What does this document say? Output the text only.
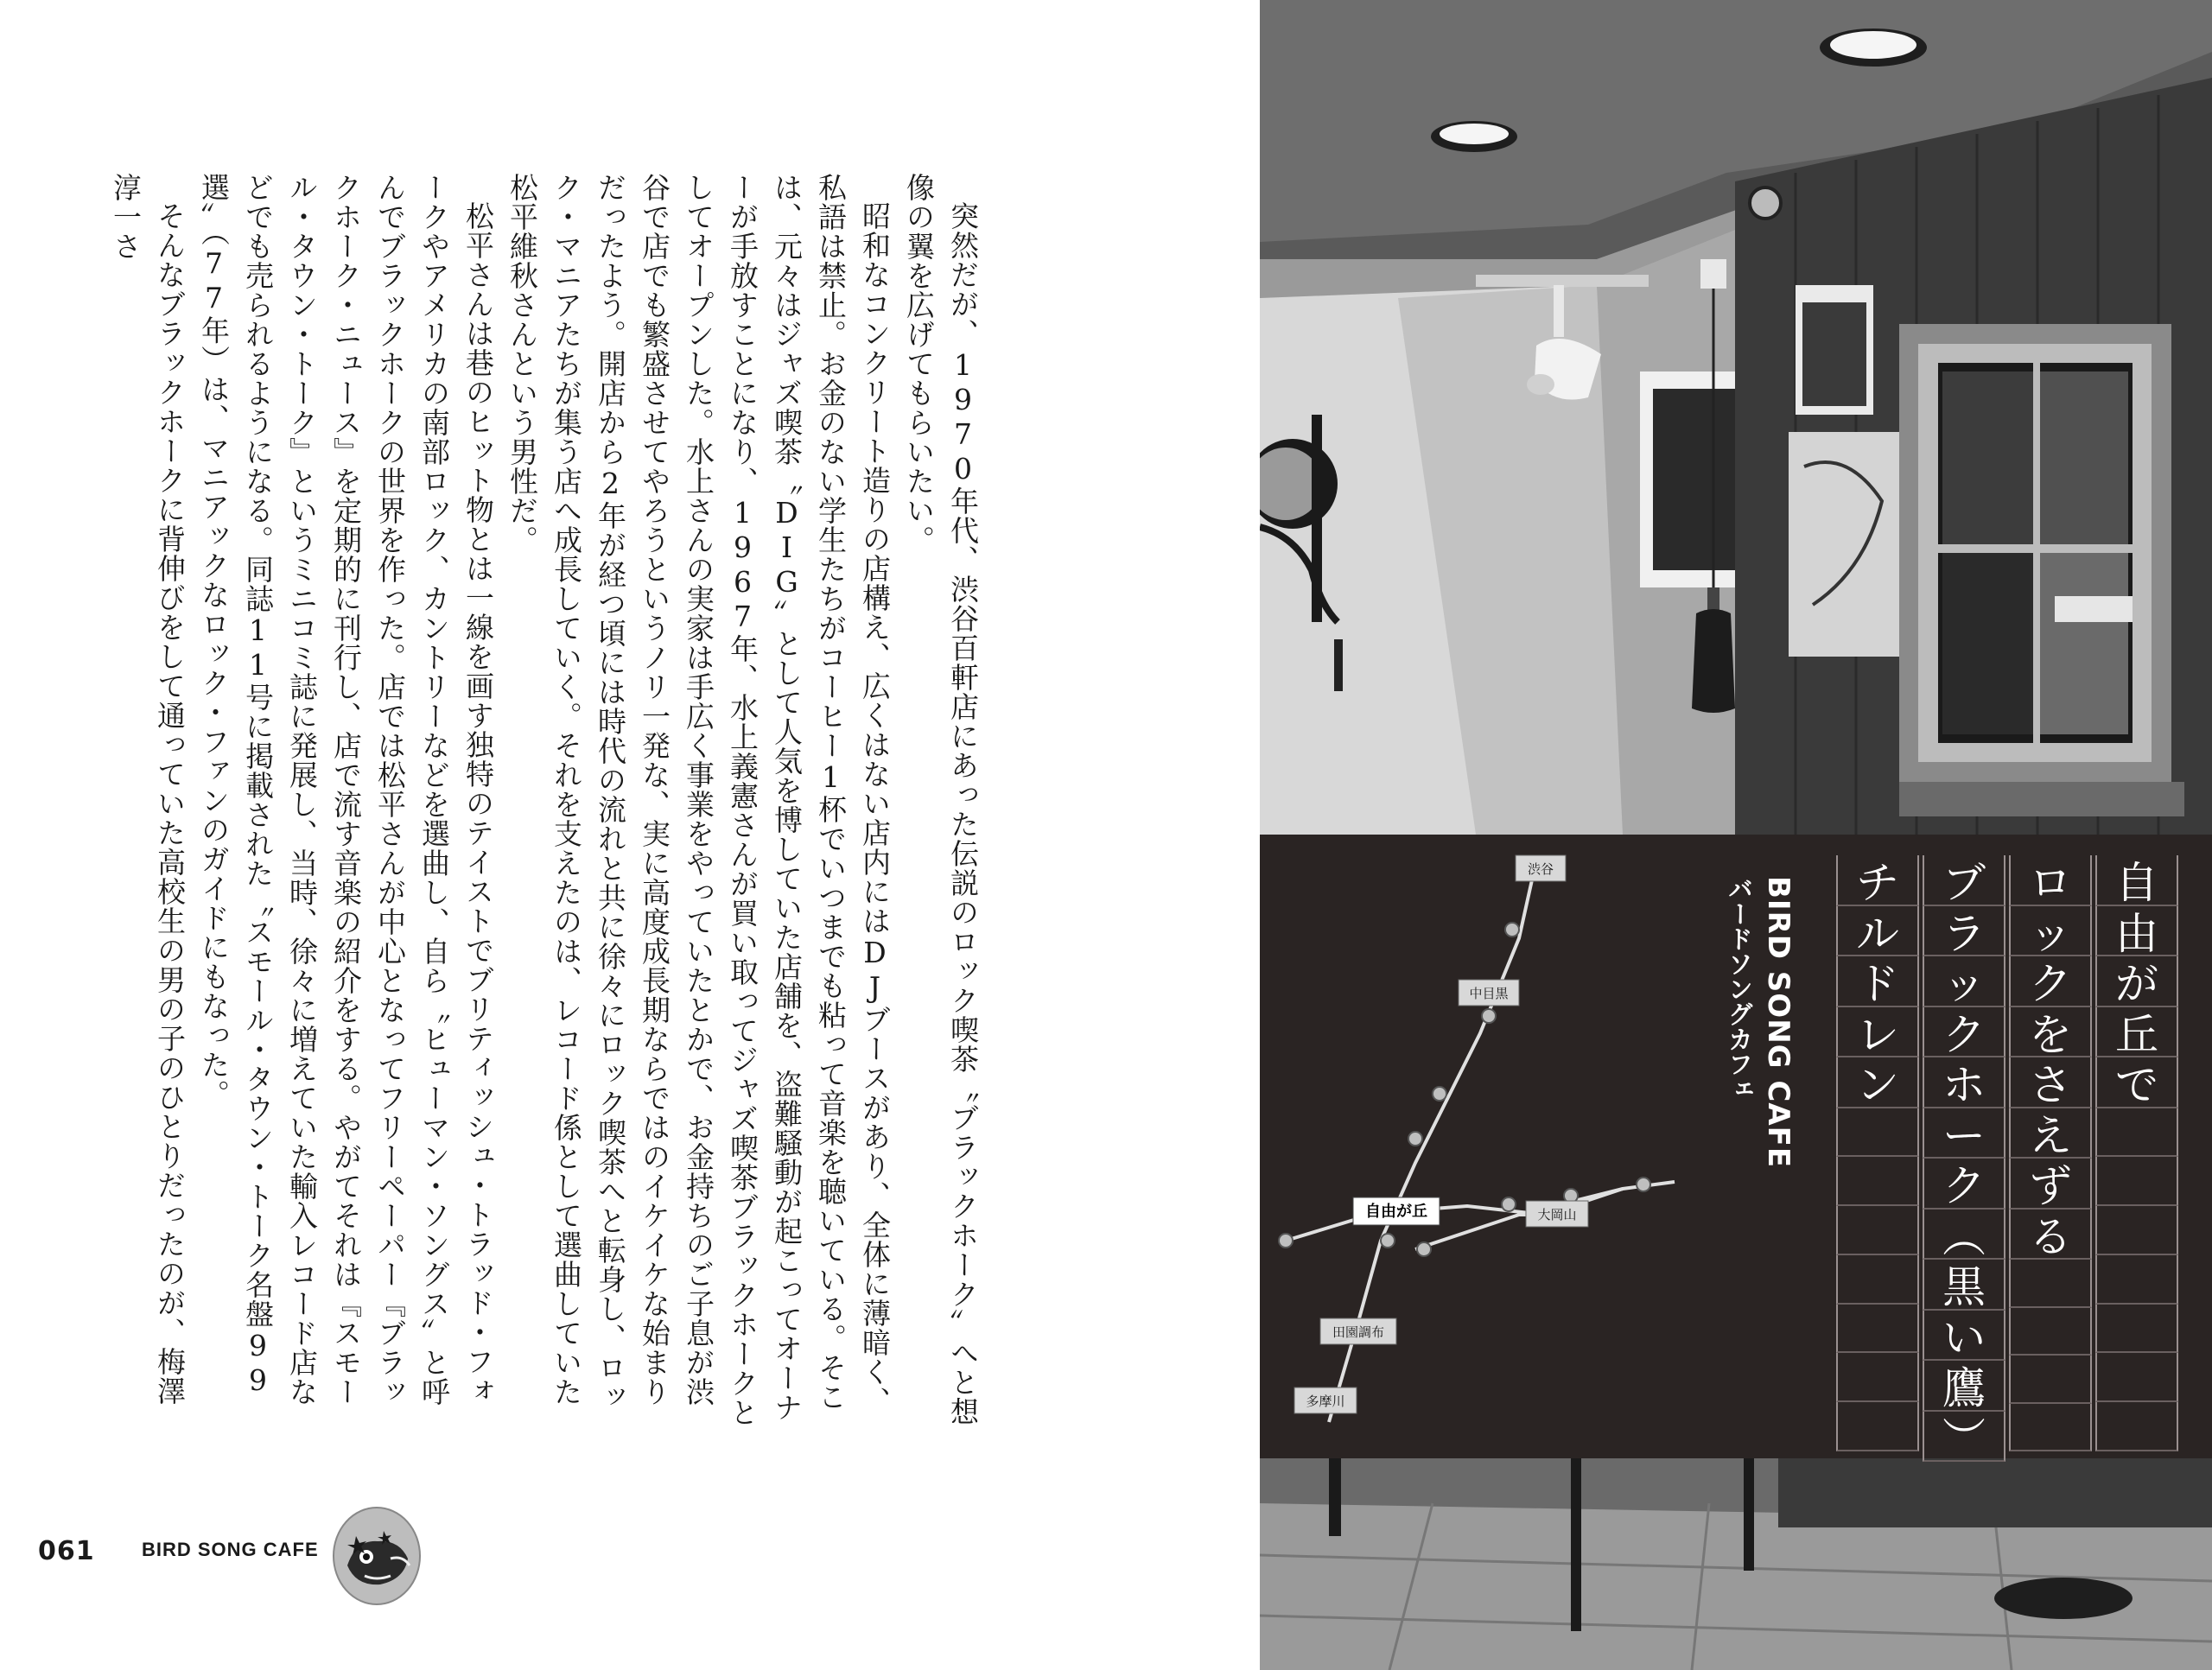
突然だが、1970年代、渋谷百軒店にあった伝説のロック喫茶〝ブラックホーク〟へと想像の翼を広げてもらいたい。

昭和なコンクリート造りの店構え、広くはない店内にはDJブースがあり、全体に薄暗く、私語は禁止。お金のない学生たちがコーヒー1杯でいつまでも粘って音楽を聴いている。そこは、元々はジャズ喫茶〝DIG〟として人気を博していた店舗を、盗難騒動が起こってオーナーが手放すことになり、1967年、水上義憲さんが買い取ってジャズ喫茶ブラックホークとしてオープンした。水上さんの実家は手広く事業をやっていたとかで、お金持ちのご子息が渋谷で店でも繁盛させてやろうというノリ一発な、実に高度成長期ならではのイケイケな始まりだったよう。開店から2年が経つ頃には時代の流れと共に徐々にロック喫茶へと転身し、ロック・マニアたちが集う店へ成長していく。それを支えたのは、レコード係として選曲していた松平維秋さんという男性だ。

松平さんは巷のヒット物とは一線を画す独特のテイストでブリティッシュ・トラッド・フォークやアメリカの南部ロック、カントリーなどを選曲し、自ら〝ヒューマン・ソングス〟と呼んでブラックホークの世界を作った。店では松平さんが中心となってフリーペーパー『ブラックホーク・ニュース』を定期的に刊行し、店で流す音楽の紹介をする。やがてそれは『スモール・タウン・トーク』というミニコミ誌に発展し、当時、徐々に増えていた輸入レコード店などでも売られるようになる。同誌11号に掲載された〝スモール・タウン・トーク名盤99選〟（77年）は、マニアックなロック・ファンのガイドにもなった。

そんなブラックホークに背伸びをして通っていた高校生の男の子のひとりだったのが、梅澤淳一さ

061 BIRD SONG CAFE
渋谷
中目黒
自由が丘	大岡山
田園調布
多摩川

BIRD SONG CAFE

バードソングカフェ	自
由
が
丘
で
ロ
ッ
ク
を
さ
え
ず
る
ブ
ラ
ッ
ク
ホ
ー
ク
︵
黒
い
鷹
︶
チ
ル
ド
レ
ン
